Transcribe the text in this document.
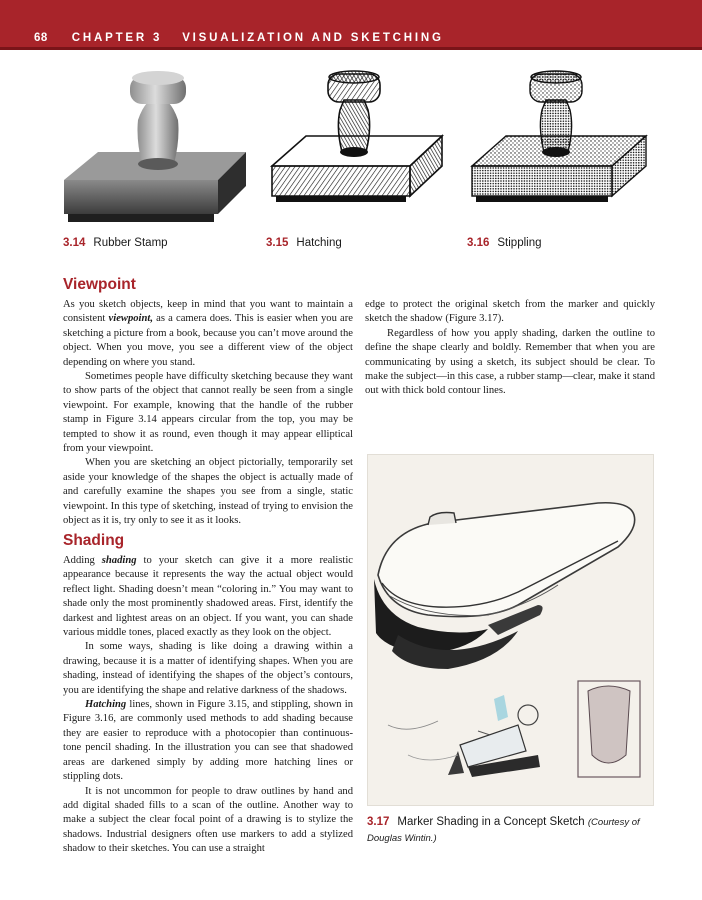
68 CHAPTER 3 VISUALIZATION AND SKETCHING
3.14 Rubber Stamp	3.15 Hatching	3.16 Stippling
Viewpoint

As you sketch objects, keep in mind that you want to maintain a consistent viewpoint, as a camera does. This is easier when you are sketching a picture from a book, because you can’t move around the object. When you move, you see a different view of the object depending on where you stand.

Sometimes people have difficulty sketching because they want to show parts of the object that cannot really be seen from a single viewpoint. For example, knowing that the handle of the rubber stamp in Figure 3.14 appears circular from the top, you may be tempted to show it as round, even though it may appear elliptical from your viewpoint.

When you are sketching an object pictorially, temporarily set aside your knowledge of the shapes the object is actually made of and carefully examine the shapes you see from a single, static viewpoint. In this type of sketching, instead of trying to envision the object as it is, try only to see it as it looks.

Shading

Adding shading to your sketch can give it a more realistic appearance because it represents the way the actual object would reflect light. Shading doesn’t mean “coloring in.” You may want to shade only the most prominently shadowed areas. First, identify the darkest and lightest areas on an object. If you want, you can shade various middle tones, placed exactly as they look on the object.

In some ways, shading is like doing a drawing within a drawing, because it is a matter of identifying shapes. When you are shading, instead of identifying the shapes of the object’s contours, you are identifying the shape and relative darkness of the shadows.

Hatching lines, shown in Figure 3.15, and stippling, shown in Figure 3.16, are commonly used methods to add shading because they are easier to reproduce with a photocopier than continuous-tone pencil shading. In the illustration you can see that shadowed areas are darkened simply by adding more hatching lines or stippling dots.

It is not uncommon for people to draw outlines by hand and add digital shaded fills to a scan of the outline. Another way to make a subject the clear focal point of a drawing is to stylize the shadows. Industrial designers often use markers to add a stylized shadow to their sketches. You can use a straight

edge to protect the original sketch from the marker and quickly sketch the shadow (Figure 3.17).

Regardless of how you apply shading, darken the outline to define the shape clearly and boldly. Remember that when you are communicating by using a sketch, its subject should be clear. To make the subject—in this case, a rubber stamp—clear, make it stand out with thick bold contour lines.

3.17 Marker Shading in a Concept Sketch (Courtesy of
Douglas Wintin.)
